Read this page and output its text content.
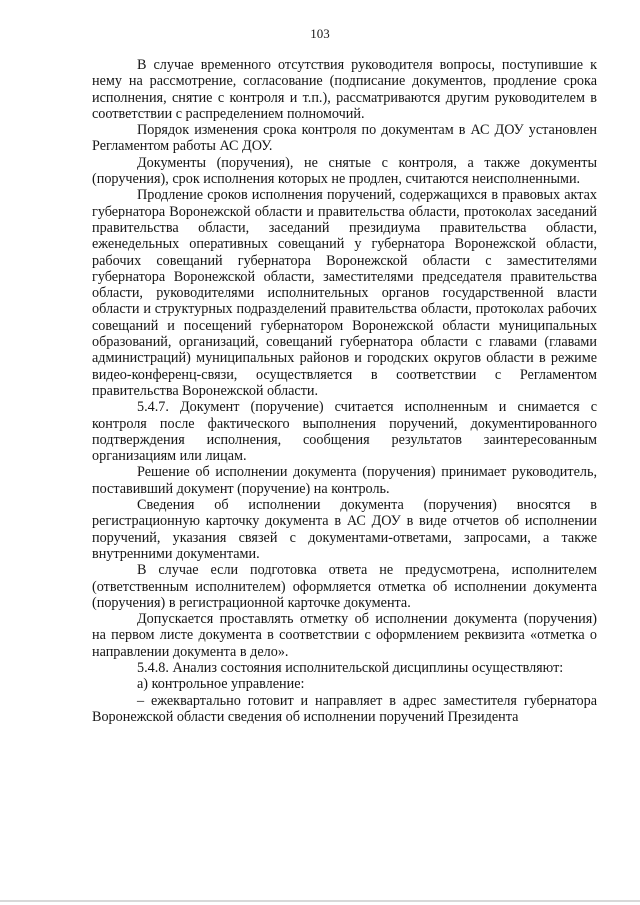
103

В случае временного отсутствия руководителя вопросы, поступившие к нему на рассмотрение, согласование (подписание документов, продление срока исполнения, снятие с контроля и т.п.), рассматриваются другим руководителем в соответствии с распределением полномочий.

Порядок изменения срока контроля по документам в АС ДОУ установлен Регламентом работы АС ДОУ.

Документы (поручения), не снятые с контроля, а также документы (поручения), срок исполнения которых не продлен, считаются неисполненными.

Продление сроков исполнения поручений, содержащихся в правовых актах губернатора Воронежской области и правительства области, протоколах заседаний правительства области, заседаний президиума правительства области, еженедельных оперативных совещаний у губернатора Воронежской области, рабочих совещаний губернатора Воронежской области с заместителями губернатора Воронежской области, заместителями председателя правительства области, руководителями исполнительных органов государственной власти области и структурных подразделений правительства области, протоколах рабочих совещаний и посещений губернатором Воронежской области муниципальных образований, организаций, совещаний губернатора области с главами (главами администраций) муниципальных районов и городских округов области в режиме видео-конференц-связи, осуществляется в соответствии с Регламентом правительства Воронежской области.

5.4.7. Документ (поручение) считается исполненным и снимается с контроля после фактического выполнения поручений, документированного подтверждения исполнения, сообщения результатов заинтересованным организациям или лицам.

Решение об исполнении документа (поручения) принимает руководитель, поставивший документ (поручение) на контроль.

Сведения об исполнении документа (поручения) вносятся в регистрационную карточку документа в АС ДОУ в виде отчетов об исполнении поручений, указания связей с документами-ответами, запросами, а также внутренними документами.

В случае если подготовка ответа не предусмотрена, исполнителем (ответственным исполнителем) оформляется отметка об исполнении документа (поручения) в регистрационной карточке документа.

Допускается проставлять отметку об исполнении документа (поручения) на первом листе документа в соответствии с оформлением реквизита «отметка о направлении документа в дело».

5.4.8. Анализ состояния исполнительской дисциплины осуществляют:

а) контрольное управление:

– ежеквартально готовит и направляет в адрес заместителя губернатора Воронежской области сведения об исполнении поручений Президента
